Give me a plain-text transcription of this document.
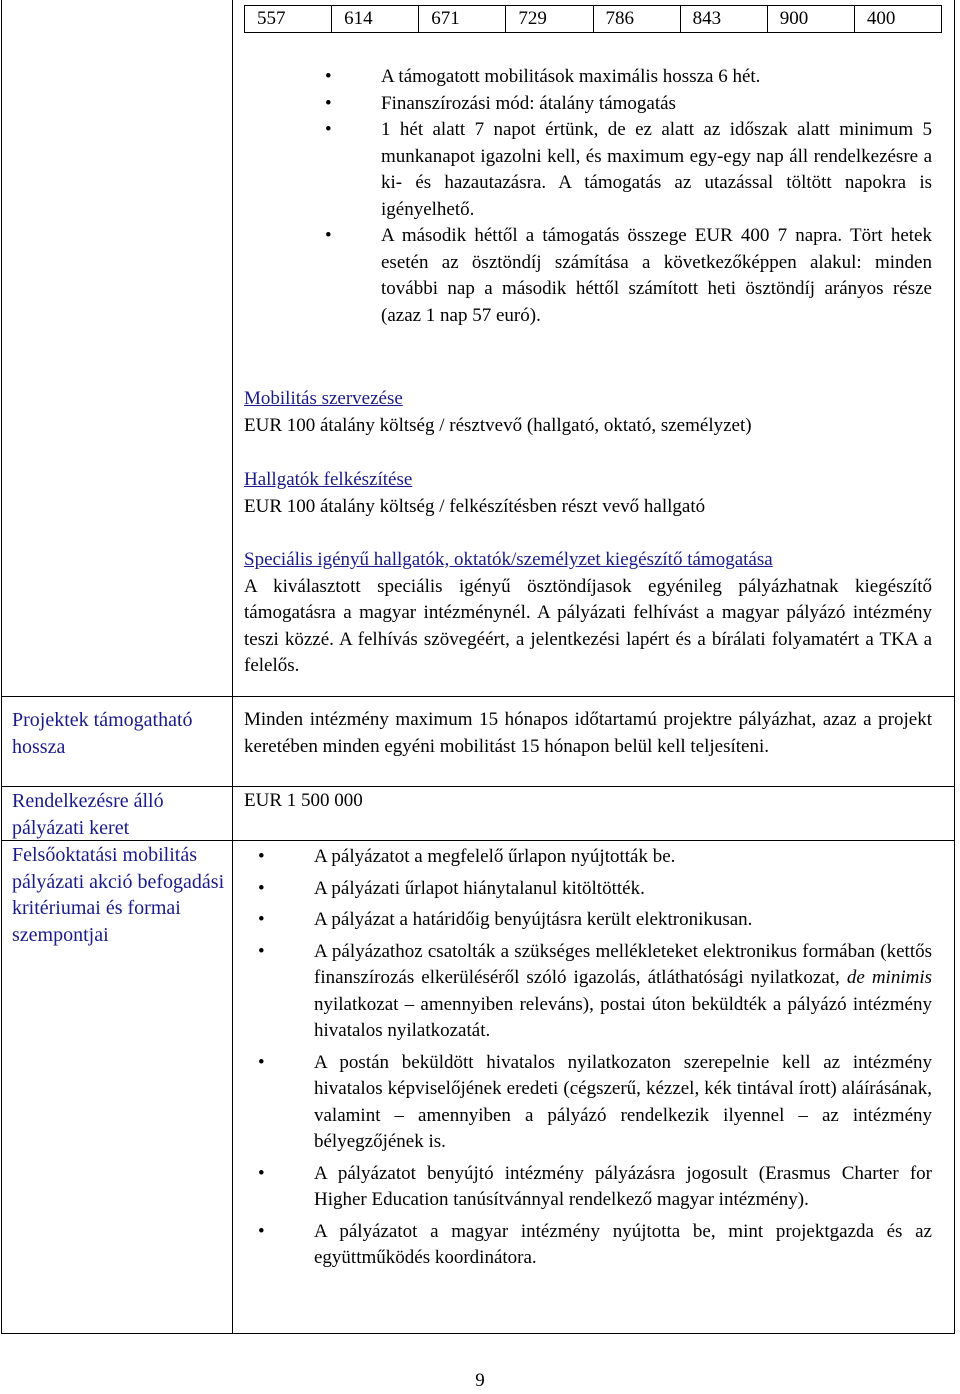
557	614	671	729	786	843	900	400
• A támogatott mobilitások maximális hossza 6 hét.
• Finanszírozási mód: átalány támogatás
• 1 hét alatt 7 napot értünk, de ez alatt az időszak alatt minimum 5 munkanapot igazolni kell, és maximum egy-egy nap áll rendelkezésre a ki- és hazautazásra. A támogatás az utazással töltött napokra is igényelhető.
• A második héttől a támogatás összege EUR 400 7 napra. Tört hetek esetén az ösztöndíj számítása a következőképpen alakul: minden további nap a második héttől számított heti ösztöndíj arányos része (azaz 1 nap 57 euró).
Mobilitás szervezése
EUR 100 átalány költség / résztvevő (hallgató, oktató, személyzet)
Hallgatók felkészítése
EUR 100 átalány költség / felkészítésben részt vevő hallgató
Speciális igényű hallgatók, oktatók/személyzet kiegészítő támogatása
A kiválasztott speciális igényű ösztöndíjasok egyénileg pályázhatnak kiegészítő támogatásra a magyar intézménynél. A pályázati felhívást a magyar pályázó intézmény teszi közzé. A felhívás szövegéért, a jelentkezési lapért és a bírálati folyamatért a TKA a felelős.
Projektek támogatható hossza
Minden intézmény maximum 15 hónapos időtartamú projektre pályázhat, azaz a projekt keretében minden egyéni mobilitást 15 hónapon belül kell teljesíteni.
Rendelkezésre álló pályázati keret
EUR 1 500 000
Felsőoktatási mobilitás pályázati akció befogadási kritériumai és formai szempontjai
• A pályázatot a megfelelő űrlapon nyújtották be.
• A pályázati űrlapot hiánytalanul kitöltötték.
• A pályázat a határidőig benyújtásra került elektronikusan.
• A pályázathoz csatolták a szükséges mellékleteket elektronikus formában (kettős finanszírozás elkerüléséről szóló igazolás, átláthatósági nyilatkozat, de minimis nyilatkozat – amennyiben releváns), postai úton beküldték a pályázó intézmény hivatalos nyilatkozatát.
• A postán beküldött hivatalos nyilatkozaton szerepelnie kell az intézmény hivatalos képviselőjének eredeti (cégszerű, kézzel, kék tintával írott) aláírásának, valamint – amennyiben a pályázó rendelkezik ilyennel – az intézmény bélyegzőjének is.
• A pályázatot benyújtó intézmény pályázásra jogosult (Erasmus Charter for Higher Education tanúsítvánnyal rendelkező magyar intézmény).
• A pályázatot a magyar intézmény nyújtotta be, mint projektgazda és az együttműködés koordinátora.
9
